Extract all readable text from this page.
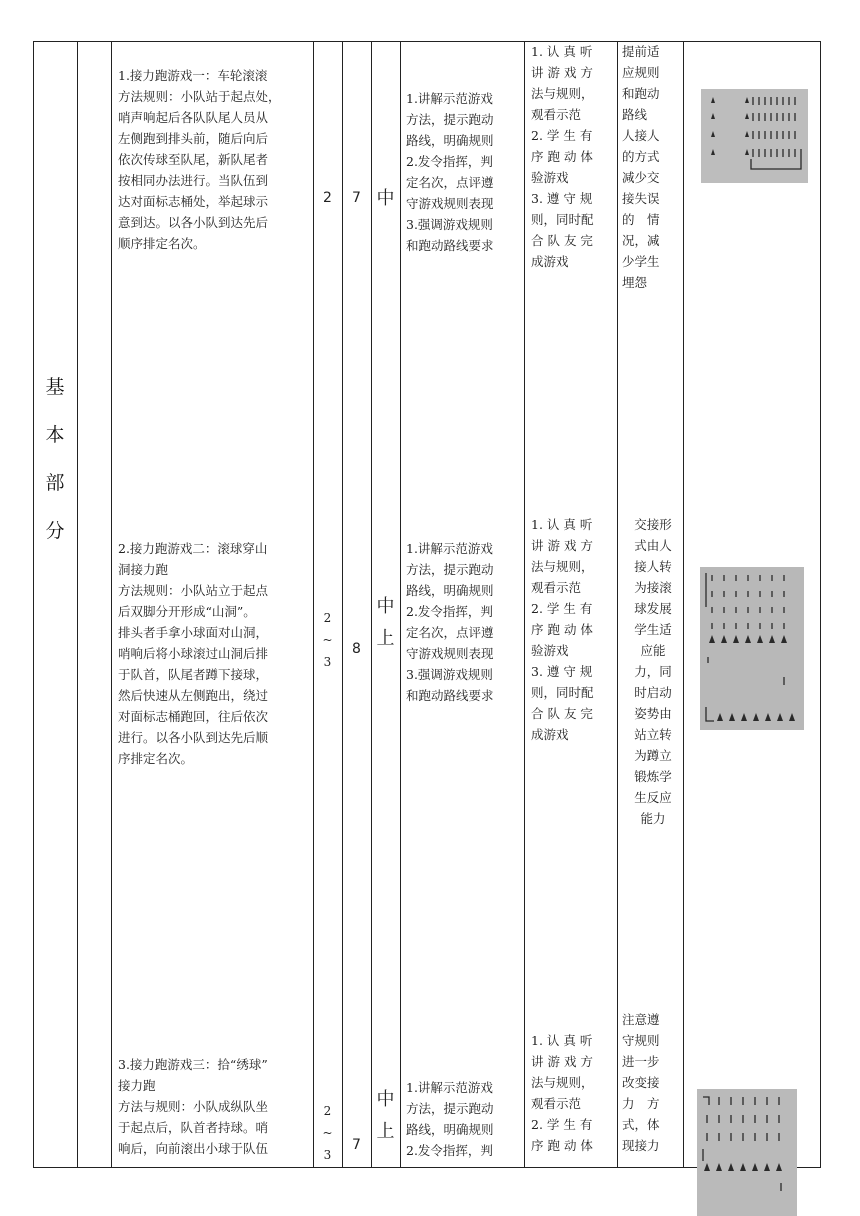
基
本
部
分
1.接力跑游戏一：车轮滚滚
方法规则：小队站于起点处，
哨声响起后各队队尾人员从
左侧跑到排头前，随后向后
依次传球至队尾，新队尾者
按相同办法进行。当队伍到
达对面标志桶处，举起球示
意到达。以各小队到达先后
顺序排定名次。
2	7 中
1.讲解示范游戏
方法，提示跑动
路线，明确规则
2.发令指挥，判
定名次，点评遵
守游戏规则表现
3.强调游戏规则
和跑动路线要求
1. 认 真 听
讲 游 戏 方
法与规则，
观看示范
2. 学 生 有
序 跑 动 体
验游戏
3. 遵 守 规
则，同时配
合 队 友 完
成游戏
提前适
应规则
和跑动
路线
人接人
的方式
减少交
接失误
的　情
况，减
少学生
埋怨
2.接力跑游戏二：滚球穿山
洞接力跑
方法规则：小队站立于起点
后双脚分开形成“山洞”。
排头者手拿小球面对山洞，
哨响后将小球滚过山洞后排
于队首，队尾者蹲下接球，
然后快速从左侧跑出，绕过
对面标志桶跑回，往后依次
进行。以各小队到达先后顺
序排定名次。
2
~
3
8
中
上
1.讲解示范游戏
方法，提示跑动
路线，明确规则
2.发令指挥，判
定名次，点评遵
守游戏规则表现
3.强调游戏规则
和跑动路线要求
1. 认 真 听
讲 游 戏 方
法与规则，
观看示范
2. 学 生 有
序 跑 动 体
验游戏
3. 遵 守 规
则，同时配
合 队 友 完
成游戏
交接形
式由人
接人转
为接滚
球发展
学生适
应能
力，同
时启动
姿势由
站立转
为蹲立
锻炼学
生反应
能力
3.接力跑游戏三：拾“绣球”
接力跑
方法与规则：小队成纵队坐
于起点后，队首者持球。哨
响后，向前滚出小球于队伍
2
~
3
7
中
上
1.讲解示范游戏
方法，提示跑动
路线，明确规则
2.发令指挥，判
1. 认 真 听
讲 游 戏 方
法与规则，
观看示范
2. 学 生 有
序 跑 动 体
注意遵
守规则
进一步
改变接
力　方
式，体
现接力
